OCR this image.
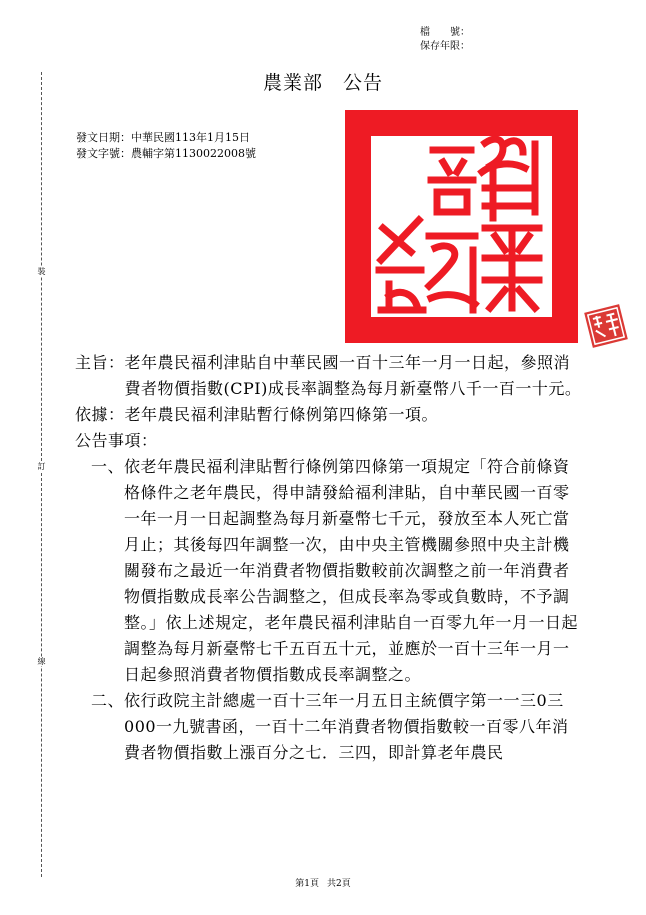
檔　　號：
保存年限：
裝
訂
線
農業部 公告
發文日期：中華民國113年1月15日
發文字號：農輔字第1130022008號
主旨： 老年農民福利津貼自中華民國一百十三年一月一日起，參照消費者物價指數(CPI)成長率調整為每月新臺幣八千一百一十元。
依據： 老年農民福利津貼暫行條例第四條第一項。
公告事項：
一、 依老年農民福利津貼暫行條例第四條第一項規定「符合前條資格條件之老年農民，得申請發給福利津貼，自中華民國一百零一年一月一日起調整為每月新臺幣七千元，發放至本人死亡當月止；其後每四年調整一次，由中央主管機關參照中央主計機關發布之最近一年消費者物價指數較前次調整之前一年消費者物價指數成長率公告調整之，但成長率為零或負數時，不予調整。」依上述規定，老年農民福利津貼自一百零九年一月一日起調整為每月新臺幣七千五百五十元，並應於一百十三年一月一日起參照消費者物價指數成長率調整之。
二、 依行政院主計總處一百十三年一月五日主統價字第一一三0三000一九號書函，一百十二年消費者物價指數較一百零八年消費者物價指數上漲百分之七．三四，即計算老年農民
第1頁 共2頁
